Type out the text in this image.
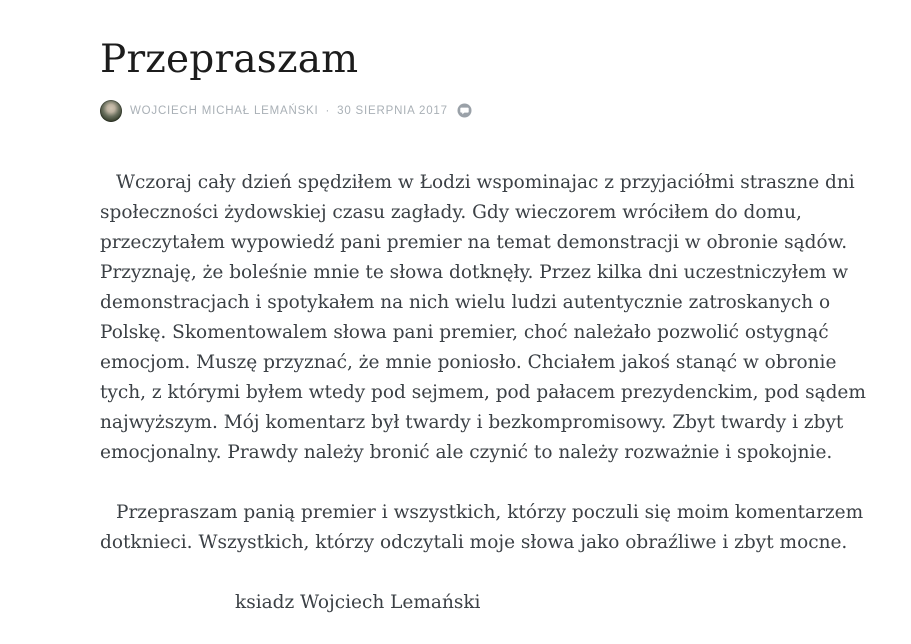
Przepraszam
WOJCIECH MICHAŁ LEMAŃSKI · 30 SIERPNIA 2017

Wczoraj cały dzień spędziłem w Łodzi wspominajac z przyjaciółmi straszne dni społeczności żydowskiej czasu zagłady. Gdy wieczorem wróciłem do domu, przeczytałem wypowiedź pani premier na temat demonstracji w obronie sądów. Przyznaję, że boleśnie mnie te słowa dotknęły. Przez kilka dni uczestniczyłem w demonstracjach i spotykałem na nich wielu ludzi autentycznie zatroskanych o Polskę. Skomentowalem słowa pani premier, choć należało pozwolić ostygnąć emocjom. Muszę przyznać, że mnie poniosło. Chciałem jakoś stanąć w obronie tych, z którymi byłem wtedy pod sejmem, pod pałacem prezydenckim, pod sądem najwyższym. Mój komentarz był twardy i bezkompromisowy. Zbyt twardy i zbyt emocjonalny. Prawdy należy bronić ale czynić to należy rozważnie i spokojnie.

Przepraszam panią premier i wszystkich, którzy poczuli się moim komentarzem dotknieci. Wszystkich, którzy odczytali moje słowa jako obraźliwe i zbyt mocne.

ksiadz Wojciech Lemański
